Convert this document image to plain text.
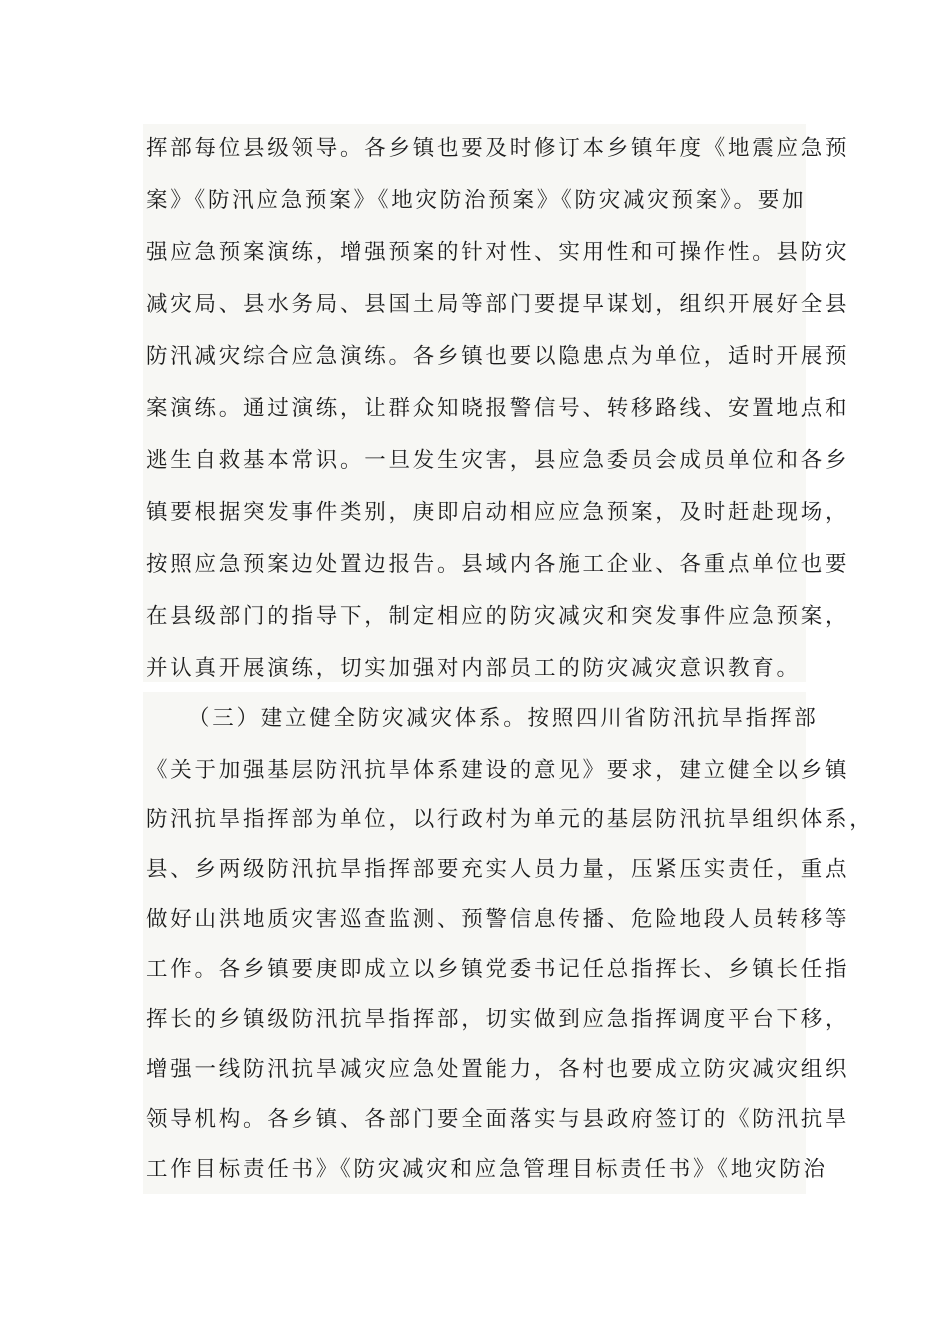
挥部每位县级领导。各乡镇也要及时修订本乡镇年度《地震应急预
案》《防汛应急预案》《地灾防治预案》《防灾减灾预案》。要加
强应急预案演练，增强预案的针对性、实用性和可操作性。县防灾
减灾局、县水务局、县国土局等部门要提早谋划，组织开展好全县
防汛减灾综合应急演练。各乡镇也要以隐患点为单位，适时开展预
案演练。通过演练，让群众知晓报警信号、转移路线、安置地点和
逃生自救基本常识。一旦发生灾害，县应急委员会成员单位和各乡
镇要根据突发事件类别，庚即启动相应应急预案，及时赶赴现场，
按照应急预案边处置边报告。县域内各施工企业、各重点单位也要
在县级部门的指导下，制定相应的防灾减灾和突发事件应急预案，
并认真开展演练，切实加强对内部员工的防灾减灾意识教育。
（三）建立健全防灾减灾体系。按照四川省防汛抗旱指挥部
《关于加强基层防汛抗旱体系建设的意见》要求，建立健全以乡镇
防汛抗旱指挥部为单位，以行政村为单元的基层防汛抗旱组织体系，
县、乡两级防汛抗旱指挥部要充实人员力量，压紧压实责任，重点
做好山洪地质灾害巡查监测、预警信息传播、危险地段人员转移等
工作。各乡镇要庚即成立以乡镇党委书记任总指挥长、乡镇长任指
挥长的乡镇级防汛抗旱指挥部，切实做到应急指挥调度平台下移，
增强一线防汛抗旱减灾应急处置能力，各村也要成立防灾减灾组织
领导机构。各乡镇、各部门要全面落实与县政府签订的《防汛抗旱
工作目标责任书》《防灾减灾和应急管理目标责任书》《地灾防治
